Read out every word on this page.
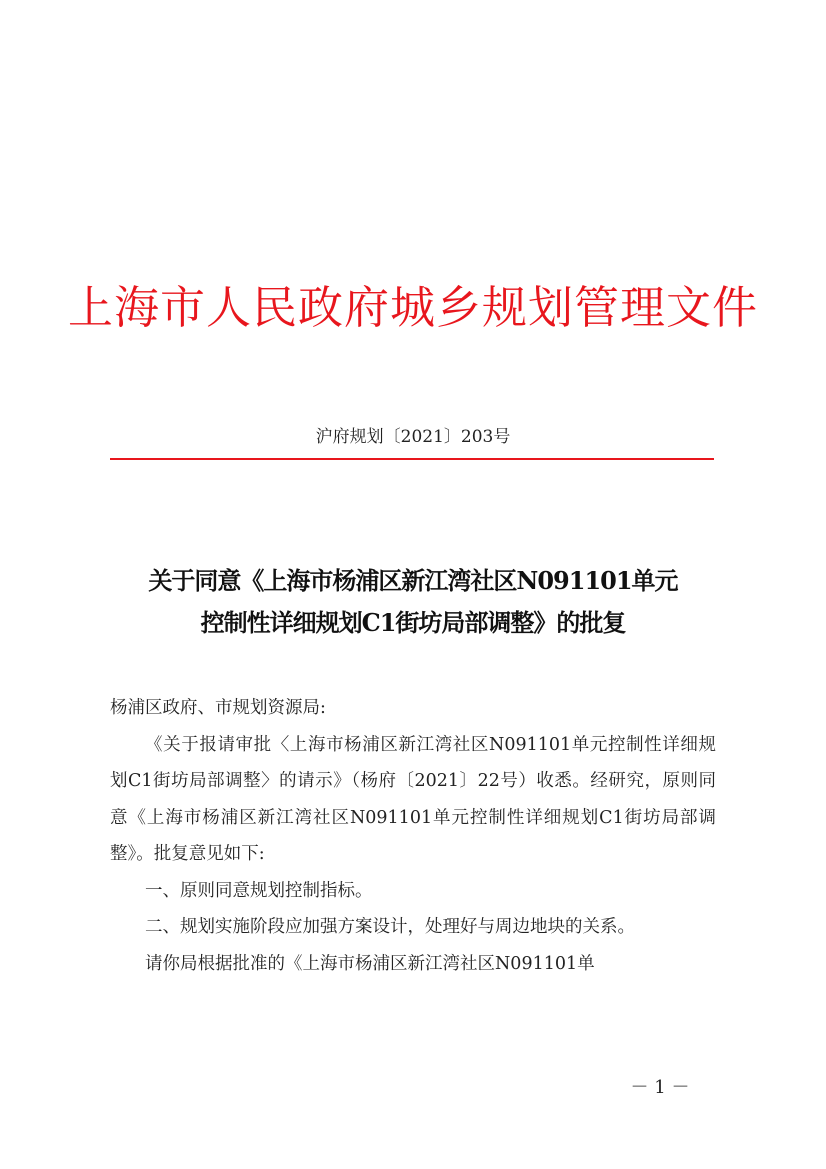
上海市人民政府城乡规划管理文件
沪府规划〔2021〕203号
关于同意《上海市杨浦区新江湾社区N091101单元
控制性详细规划C1街坊局部调整》的批复

杨浦区政府、市规划资源局:

《关于报请审批〈上海市杨浦区新江湾社区N091101单元控制性详细规划C1街坊局部调整〉的请示》（杨府〔2021〕22号）收悉。经研究，原则同意《上海市杨浦区新江湾社区N091101单元控制性详细规划C1街坊局部调整》。批复意见如下:

一、原则同意规划控制指标。

二、规划实施阶段应加强方案设计，处理好与周边地块的关系。

请你局根据批准的《上海市杨浦区新江湾社区N091101单

－ 1 －
